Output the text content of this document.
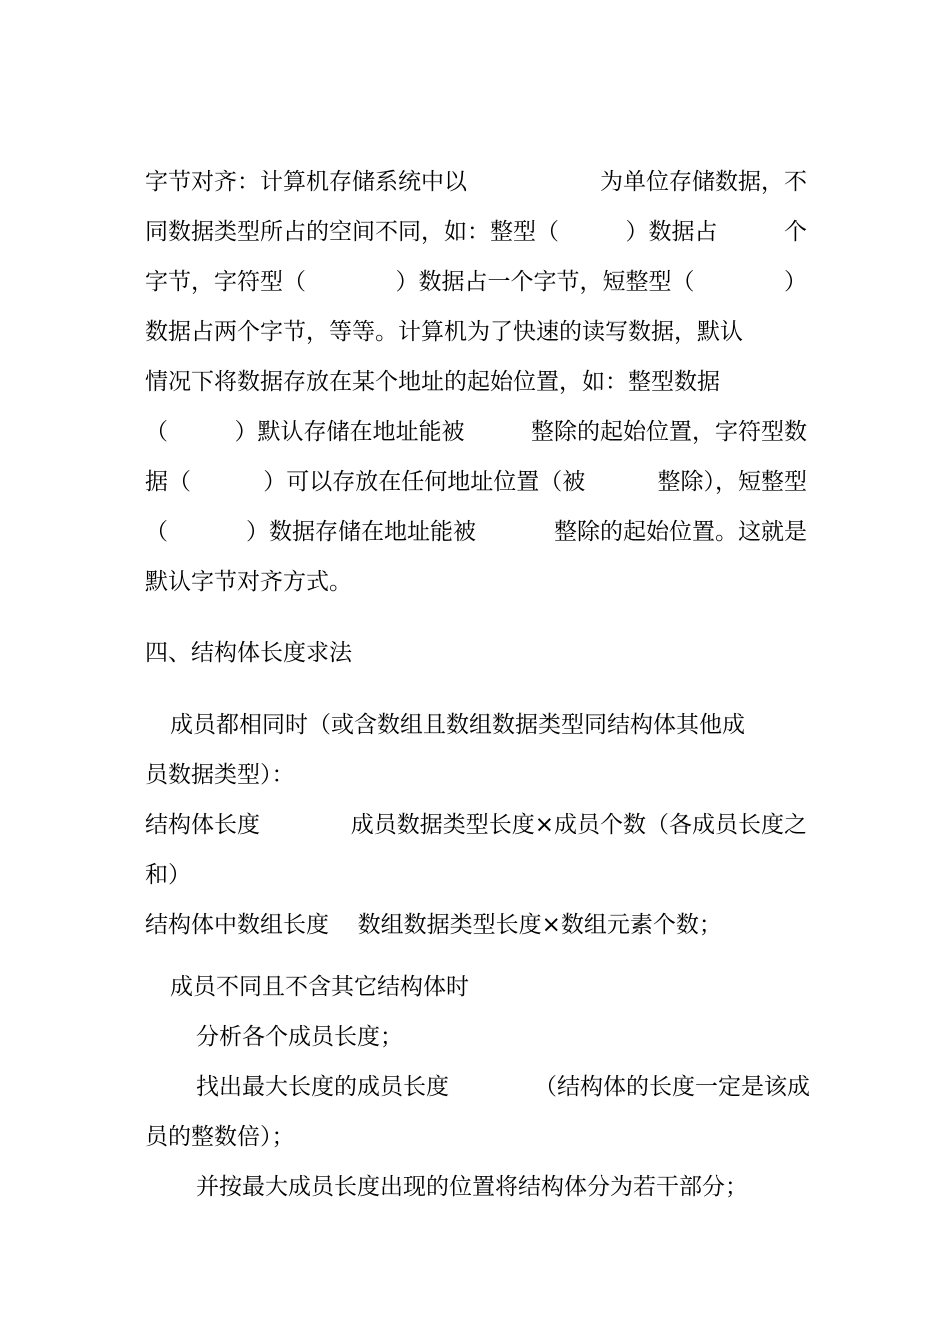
字节对齐：计算机存储系统中以	为单位存储数据，不
同数据类型所占的空间不同，如：整型（	）数据占	个
字节，字符型（	）数据占一个字节，短整型（	）
数据占两个字节，等等。计算机为了快速的读写数据，默认
情况下将数据存放在某个地址的起始位置，如：整型数据
（	）默认存储在地址能被	整除的起始位置，字符型数
据（	）可以存放在任何地址位置（被	整除），短整型
（	）数据存储在地址能被	整除的起始位置。这就是
默认字节对齐方式。
四、结构体长度求法
成员都相同时（或含数组且数组数据类型同结构体其他成
员数据类型）：
结构体长度	成员数据类型长度×成员个数（各成员长度之
和）
结构体中数组长度 数组数据类型长度×数组元素个数；
成员不同且不含其它结构体时
分析各个成员长度；
找出最大长度的成员长度	（结构体的长度一定是该成
员的整数倍）；
并按最大成员长度出现的位置将结构体分为若干部分；
